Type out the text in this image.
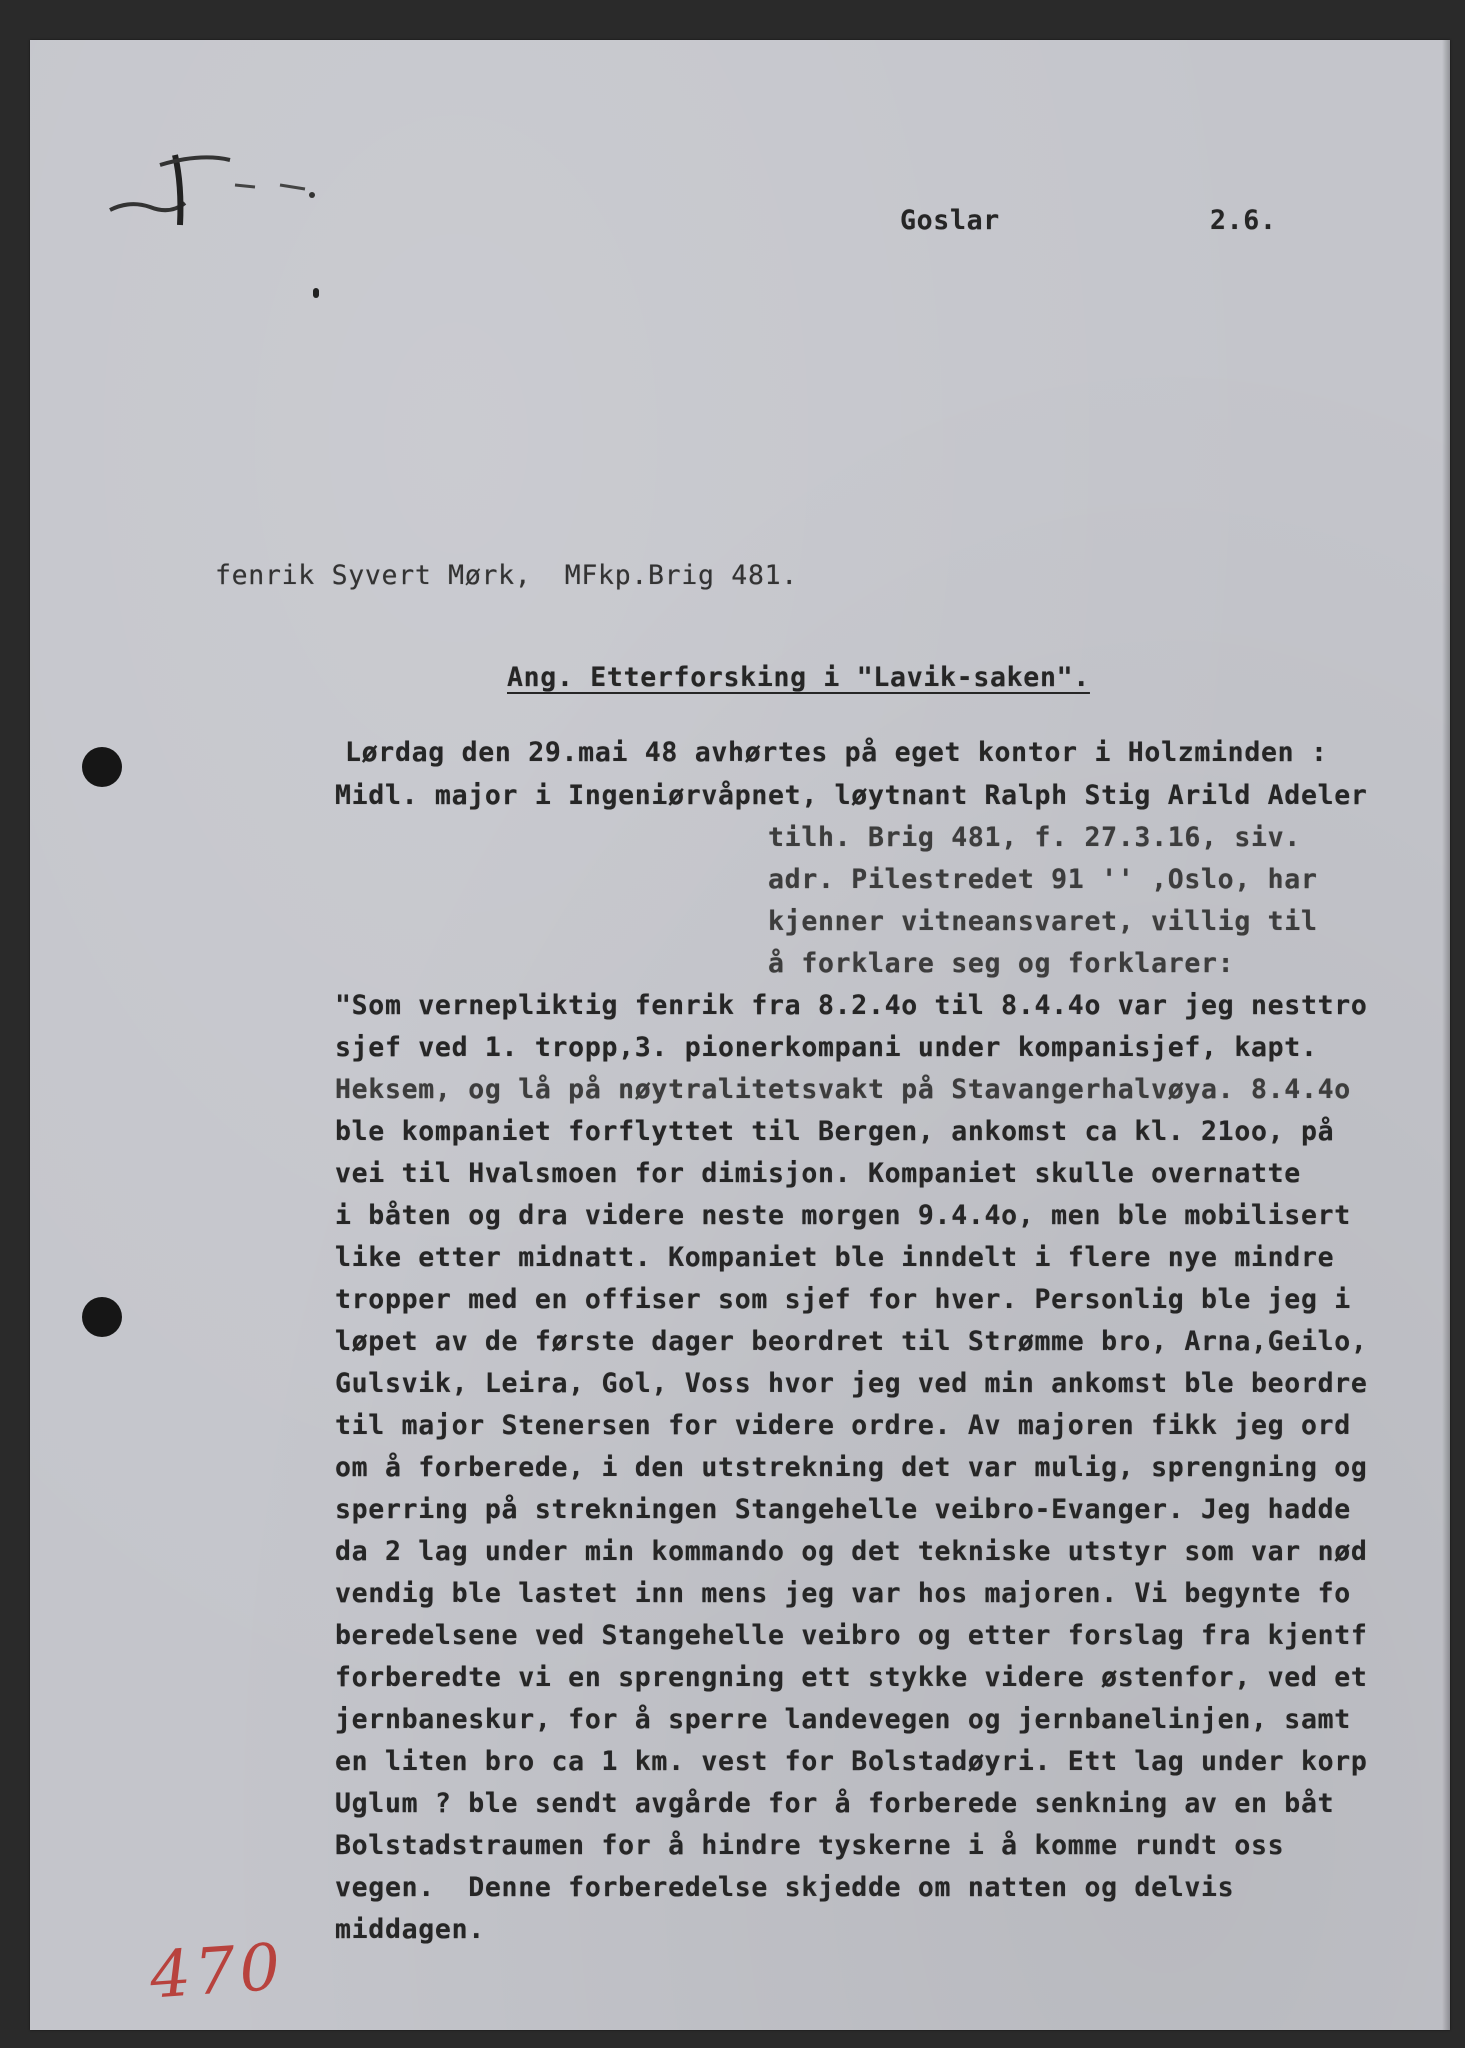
Goslar	2.6.
fenrik Syvert Mørk,  MFkp.Brig 481.
Ang. Etterforsking i "Lavik-saken".
Lørdag den 29.mai 48 avhørtes på eget kontor i Holzminden :
Midl. major i Ingeniørvåpnet, løytnant Ralph Stig Arild Adeler
tilh. Brig 481, f. 27.3.16, siv.
adr. Pilestredet 91 '' ,Oslo, har
kjenner vitneansvaret, villig til
å forklare seg og forklarer:
"Som vernepliktig fenrik fra 8.2.4o til 8.4.4o var jeg nesttro
sjef ved 1. tropp,3. pionerkompani under kompanisjef, kapt.
Heksem, og lå på nøytralitetsvakt på Stavangerhalvøya. 8.4.4o
ble kompaniet forflyttet til Bergen, ankomst ca kl. 21oo, på
vei til Hvalsmoen for dimisjon. Kompaniet skulle overnatte
i båten og dra videre neste morgen 9.4.4o, men ble mobilisert
like etter midnatt. Kompaniet ble inndelt i flere nye mindre
tropper med en offiser som sjef for hver. Personlig ble jeg i
løpet av de første dager beordret til Strømme bro, Arna,Geilo,
Gulsvik, Leira, Gol, Voss hvor jeg ved min ankomst ble beordre
til major Stenersen for videre ordre. Av majoren fikk jeg ord
om å forberede, i den utstrekning det var mulig, sprengning og
sperring på strekningen Stangehelle veibro-Evanger. Jeg hadde
da 2 lag under min kommando og det tekniske utstyr som var nød
vendig ble lastet inn mens jeg var hos majoren. Vi begynte fo
beredelsene ved Stangehelle veibro og etter forslag fra kjentf
forberedte vi en sprengning ett stykke videre østenfor, ved et
jernbaneskur, for å sperre landevegen og jernbanelinjen, samt
en liten bro ca 1 km. vest for Bolstadøyri. Ett lag under korp
Uglum ? ble sendt avgårde for å forberede senkning av en båt
Bolstadstraumen for å hindre tyskerne i å komme rundt oss
vegen.  Denne forberedelse skjedde om natten og delvis
middagen.
470
